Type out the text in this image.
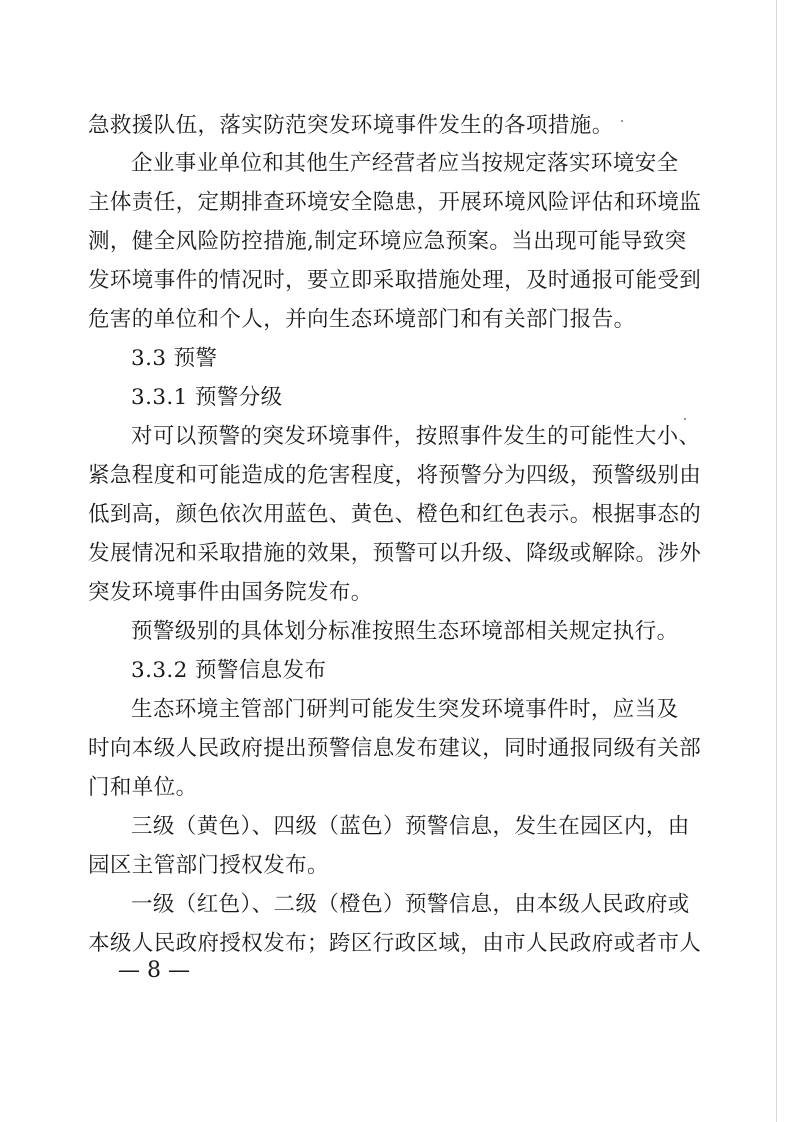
急救援队伍，落实防范突发环境事件发生的各项措施。
企业事业单位和其他生产经营者应当按规定落实环境安全
主体责任，定期排查环境安全隐患，开展环境风险评估和环境监
测，健全风险防控措施,制定环境应急预案。当出现可能导致突
发环境事件的情况时，要立即采取措施处理，及时通报可能受到
危害的单位和个人，并向生态环境部门和有关部门报告。
3.3 预警
3.3.1 预警分级
对可以预警的突发环境事件，按照事件发生的可能性大小、
紧急程度和可能造成的危害程度，将预警分为四级，预警级别由
低到高，颜色依次用蓝色、黄色、橙色和红色表示。根据事态的
发展情况和采取措施的效果，预警可以升级、降级或解除。涉外
突发环境事件由国务院发布。
预警级别的具体划分标准按照生态环境部相关规定执行。
3.3.2 预警信息发布
生态环境主管部门研判可能发生突发环境事件时，应当及
时向本级人民政府提出预警信息发布建议，同时通报同级有关部
门和单位。
三级（黄色）、四级（蓝色）预警信息，发生在园区内，由
园区主管部门授权发布。
一级（红色）、二级（橙色）预警信息，由本级人民政府或
本级人民政府授权发布；跨区行政区域，由市人民政府或者市人
— 8 —
